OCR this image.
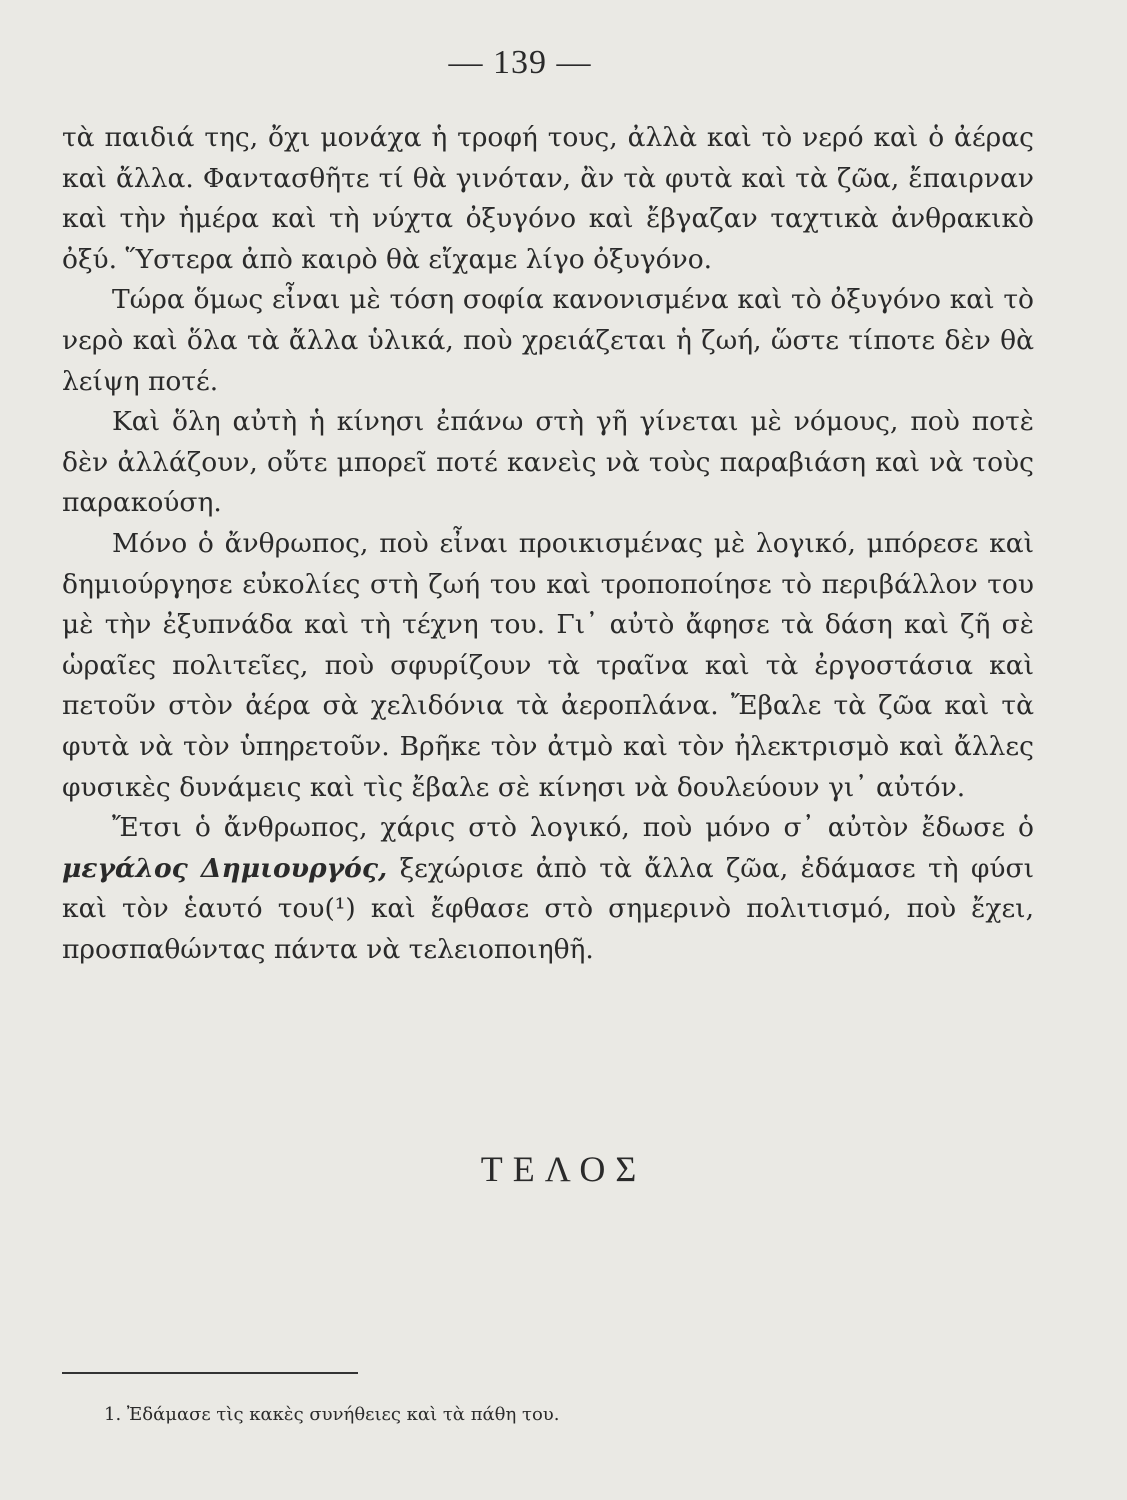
— 139 —

τὰ παιδιά της, ὄχι μονάχα ἡ τροφή τους, ἀλλὰ καὶ τὸ νερό καὶ ὁ ἀέρας καὶ ἄλλα. Φαντασθῆτε τί θὰ γινόταν, ἂν τὰ φυτὰ καὶ τὰ ζῶα, ἔπαιρναν καὶ τὴν ἡμέρα καὶ τὴ νύχτα ὀξυγόνο καὶ ἔβγαζαν ταχτικὰ ἀνθρακικὸ ὀξύ. Ὕστερα ἀπὸ καιρὸ θὰ εἴχαμε λίγο ὀξυγόνο.

Τώρα ὅμως εἶναι μὲ τόση σοφία κανονισμένα καὶ τὸ ὀξυγόνο καὶ τὸ νερὸ καὶ ὅλα τὰ ἄλλα ὑλικά, ποὺ χρειάζεται ἡ ζωή, ὥστε τίποτε δὲν θὰ λείψη ποτέ.

Καὶ ὅλη αὐτὴ ἡ κίνησι ἐπάνω στὴ γῆ γίνεται μὲ νόμους, ποὺ ποτὲ δὲν ἀλλάζουν, οὔτε μπορεῖ ποτέ κανεὶς νὰ τοὺς παραβιάση καὶ νὰ τοὺς παρακούση.

Μόνο ὁ ἄνθρωπος, ποὺ εἶναι προικισμένας μὲ λογικό, μπόρεσε καὶ δημιούργησε εὐκολίες στὴ ζωή του καὶ τροποποίησε τὸ περιβάλλον του μὲ τὴν ἐξυπνάδα καὶ τὴ τέχνη του. Γι᾽ αὐτὸ ἄφησε τὰ δάση καὶ ζῆ σὲ ὡραῖες πολιτεῖες, ποὺ σφυρίζουν τὰ τραῖνα καὶ τὰ ἐργοστάσια καὶ πετοῦν στὸν ἀέρα σὰ χελιδόνια τὰ ἀεροπλάνα. Ἔβαλε τὰ ζῶα καὶ τὰ φυτὰ νὰ τὸν ὑπηρετοῦν. Βρῆκε τὸν ἀτμὸ καὶ τὸν ἠλεκτρισμὸ καὶ ἄλλες φυσικὲς δυνάμεις καὶ τὶς ἔβαλε σὲ κίνησι νὰ δουλεύουν γι᾽ αὐτόν.

Ἔτσι ὁ ἄνθρωπος, χάρις στὸ λογικό, ποὺ μόνο σ᾽ αὐτὸν ἔδωσε ὁ μεγάλος Δημιουργός, ξεχώρισε ἀπὸ τὰ ἄλλα ζῶα, ἐδάμασε τὴ φύσι καὶ τὸν ἑαυτό του(¹) καὶ ἔφθασε στὸ σημερινὸ πολιτισμό, ποὺ ἔχει, προσπαθώντας πάντα νὰ τελειοποιηθῆ.

ΤΕΛΟΣ
1. Ἐδάμασε τὶς κακὲς συνήθειες καὶ τὰ πάθη του.
